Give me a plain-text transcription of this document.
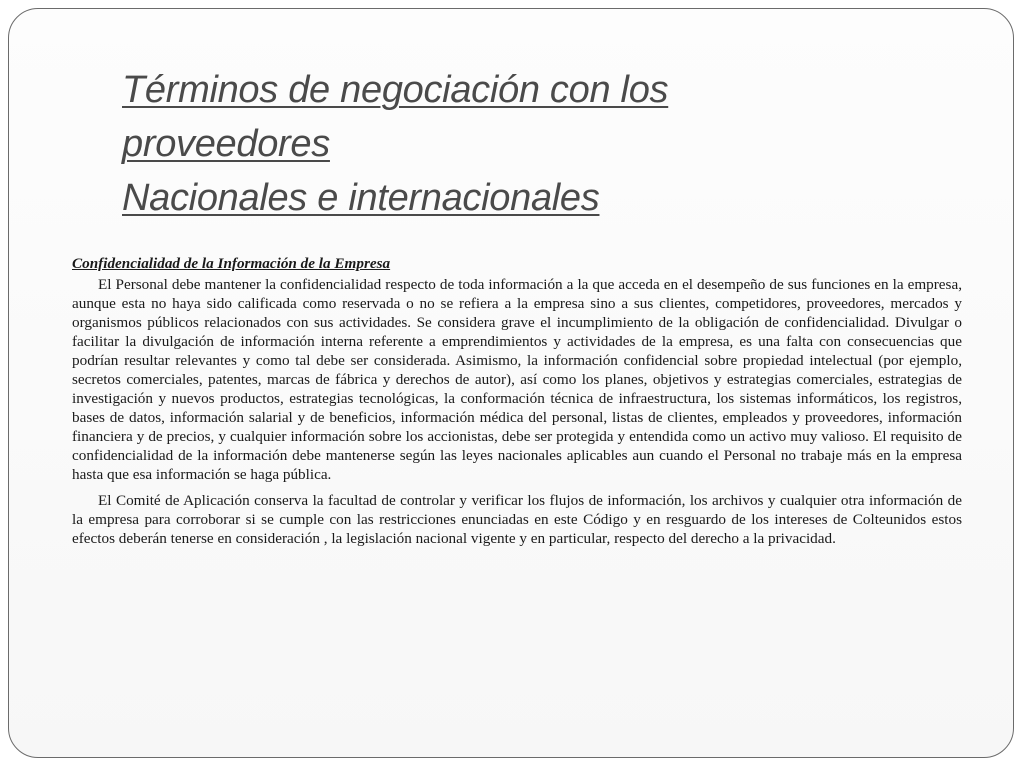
Términos de negociación con los
proveedores
Nacionales e internacionales
Confidencialidad de la Información de la Empresa

El Personal debe mantener la confidencialidad respecto de toda información a la que acceda en el desempeño de sus funciones en la empresa, aunque esta no haya sido calificada como reservada o no se refiera a la empresa sino a sus clientes, competidores, proveedores, mercados y organismos públicos relacionados con sus actividades. Se considera grave el incumplimiento de la obligación de confidencialidad. Divulgar o facilitar la divulgación de información interna referente a emprendimientos y actividades de la empresa, es una falta con consecuencias que podrían resultar relevantes y como tal debe ser considerada. Asimismo, la información confidencial sobre propiedad intelectual (por ejemplo, secretos comerciales, patentes, marcas de fábrica y derechos de autor), así como los planes, objetivos y estrategias comerciales, estrategias de investigación y nuevos productos, estrategias tecnológicas, la conformación técnica de infraestructura, los sistemas informáticos, los registros, bases de datos, información salarial y de beneficios, información médica del personal, listas de clientes, empleados y proveedores, información financiera y de precios, y cualquier información sobre los accionistas, debe ser protegida y entendida como un activo muy valioso. El requisito de confidencialidad de la información debe mantenerse según las leyes nacionales aplicables aun cuando el Personal no trabaje más en la empresa hasta que esa información se haga pública.

El Comité de Aplicación conserva la facultad de controlar y verificar los flujos de información, los archivos y cualquier otra información de la empresa para corroborar si se cumple con las restricciones enunciadas en este Código y en resguardo de los intereses de Colteunidos estos efectos deberán tenerse en consideración , la legislación nacional vigente y en particular, respecto del derecho a la privacidad.
